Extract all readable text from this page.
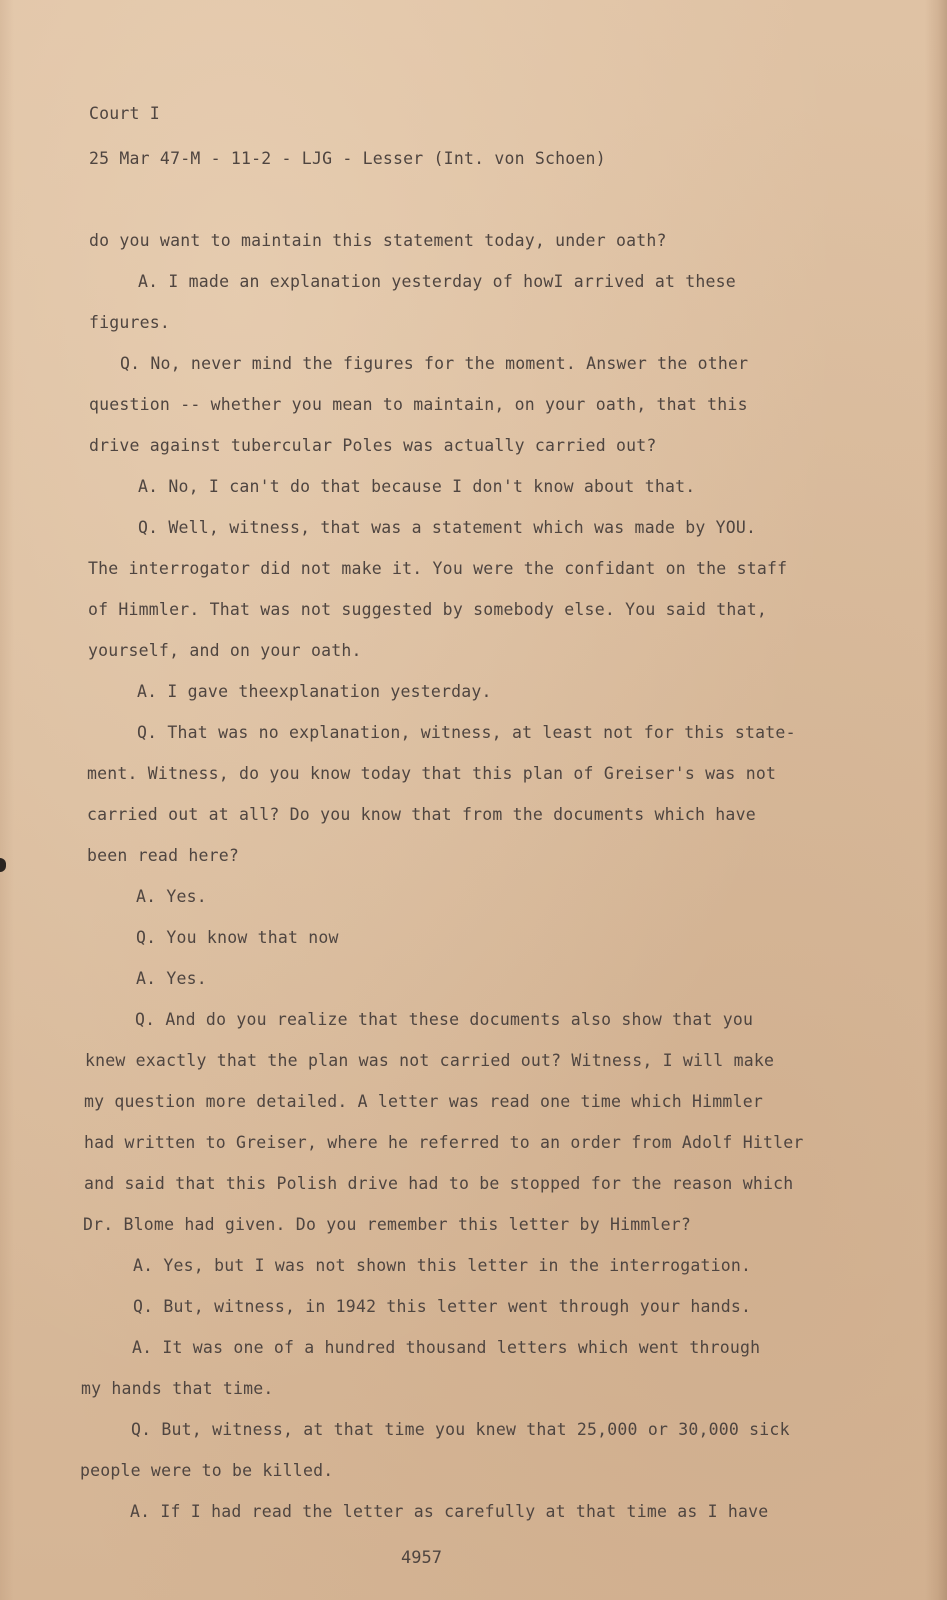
Court I

25 Mar 47-M - 11-2 - LJG - Lesser (Int. von Schoen)

do you want to maintain this statement today, under oath?

A. I made an explanation yesterday of howI arrived at these

figures.

Q. No, never mind the figures for the moment. Answer the other

question -- whether you mean to maintain, on your oath, that this

drive against tubercular Poles was actually carried out?

A. No, I can't do that because I don't know about that.

Q. Well, witness, that was a statement which was made by YOU.

The interrogator did not make it. You were the confidant on the staff

of Himmler. That was not suggested by somebody else. You said that,

yourself, and on your oath.

A. I gave theexplanation yesterday.

Q. That was no explanation, witness, at least not for this state-

ment. Witness, do you know today that this plan of Greiser's was not

carried out at all? Do you know that from the documents which have

been read here?

A. Yes.

Q. You know that now

A. Yes.

Q. And do you realize that these documents also show that you

knew exactly that the plan was not carried out? Witness, I will make

my question more detailed. A letter was read one time which Himmler

had written to Greiser, where he referred to an order from Adolf Hitler

and said that this Polish drive had to be stopped for the reason which

Dr. Blome had given. Do you remember this letter by Himmler?

A. Yes, but I was not shown this letter in the interrogation.

Q. But, witness, in 1942 this letter went through your hands.

A. It was one of a hundred thousand letters which went through

my hands that time.

Q. But, witness, at that time you knew that 25,000 or 30,000 sick

people were to be killed.

A. If I had read the letter as carefully at that time as I have

4957
